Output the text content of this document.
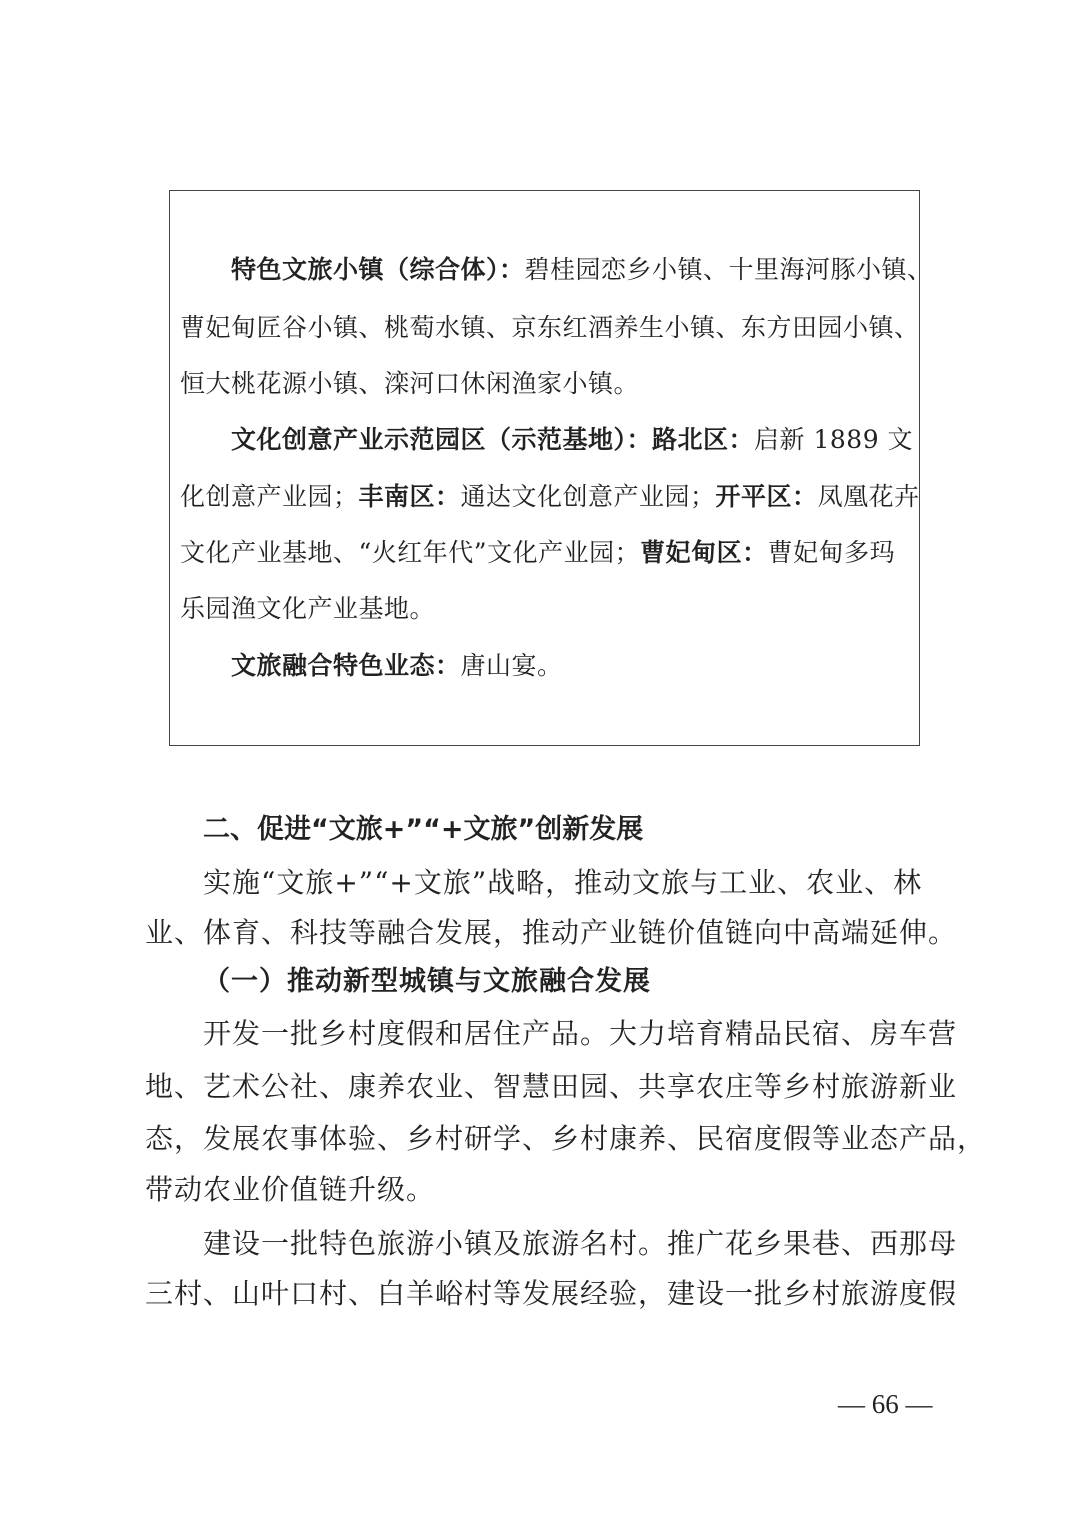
特色文旅小镇（综合体）：碧桂园恋乡小镇、十里海河豚小镇、
曹妃甸匠谷小镇、桃萄水镇、京东红酒养生小镇、东方田园小镇、
恒大桃花源小镇、滦河口休闲渔家小镇。
文化创意产业示范园区（示范基地）：路北区：启新 1889 文
化创意产业园；丰南区：通达文化创意产业园；开平区：凤凰花卉
文化产业基地、“火红年代”文化产业园；曹妃甸区：曹妃甸多玛
乐园渔文化产业基地。
文旅融合特色业态：唐山宴。
二、促进“文旅+”“+文旅”创新发展
实施“文旅+”“+文旅”战略，推动文旅与工业、农业、林
业、体育、科技等融合发展，推动产业链价值链向中高端延伸。
（一）推动新型城镇与文旅融合发展
开发一批乡村度假和居住产品。大力培育精品民宿、房车营
地、艺术公社、康养农业、智慧田园、共享农庄等乡村旅游新业
态，发展农事体验、乡村研学、乡村康养、民宿度假等业态产品，
带动农业价值链升级。
建设一批特色旅游小镇及旅游名村。推广花乡果巷、西那母
三村、山叶口村、白羊峪村等发展经验，建设一批乡村旅游度假
— 66 —
